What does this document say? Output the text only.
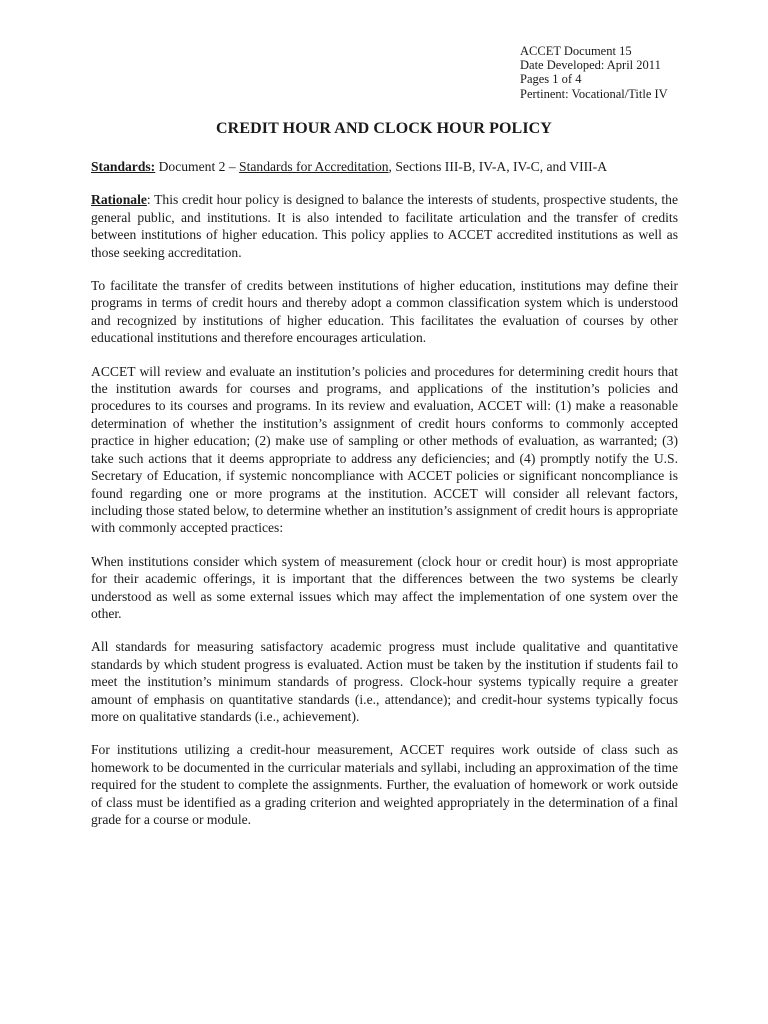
ACCET Document 15
Date Developed: April 2011
Pages 1 of 4
Pertinent: Vocational/Title IV
CREDIT HOUR AND CLOCK HOUR POLICY

Standards: Document 2 – Standards for Accreditation, Sections III-B, IV-A, IV-C, and VIII-A

Rationale: This credit hour policy is designed to balance the interests of students, prospective students, the general public, and institutions. It is also intended to facilitate articulation and the transfer of credits between institutions of higher education. This policy applies to ACCET accredited institutions as well as those seeking accreditation.

To facilitate the transfer of credits between institutions of higher education, institutions may define their programs in terms of credit hours and thereby adopt a common classification system which is understood and recognized by institutions of higher education. This facilitates the evaluation of courses by other educational institutions and therefore encourages articulation.

ACCET will review and evaluate an institution’s policies and procedures for determining credit hours that the institution awards for courses and programs, and applications of the institution’s policies and procedures to its courses and programs. In its review and evaluation, ACCET will: (1) make a reasonable determination of whether the institution’s assignment of credit hours conforms to commonly accepted practice in higher education; (2) make use of sampling or other methods of evaluation, as warranted; (3) take such actions that it deems appropriate to address any deficiencies; and (4) promptly notify the U.S. Secretary of Education, if systemic noncompliance with ACCET policies or significant noncompliance is found regarding one or more programs at the institution. ACCET will consider all relevant factors, including those stated below, to determine whether an institution’s assignment of credit hours is appropriate with commonly accepted practices:

When institutions consider which system of measurement (clock hour or credit hour) is most appropriate for their academic offerings, it is important that the differences between the two systems be clearly understood as well as some external issues which may affect the implementation of one system over the other.

All standards for measuring satisfactory academic progress must include qualitative and quantitative standards by which student progress is evaluated. Action must be taken by the institution if students fail to meet the institution’s minimum standards of progress. Clock-hour systems typically require a greater amount of emphasis on quantitative standards (i.e., attendance); and credit-hour systems typically focus more on qualitative standards (i.e., achievement).

For institutions utilizing a credit-hour measurement, ACCET requires work outside of class such as homework to be documented in the curricular materials and syllabi, including an approximation of the time required for the student to complete the assignments. Further, the evaluation of homework or work outside of class must be identified as a grading criterion and weighted appropriately in the determination of a final grade for a course or module.
